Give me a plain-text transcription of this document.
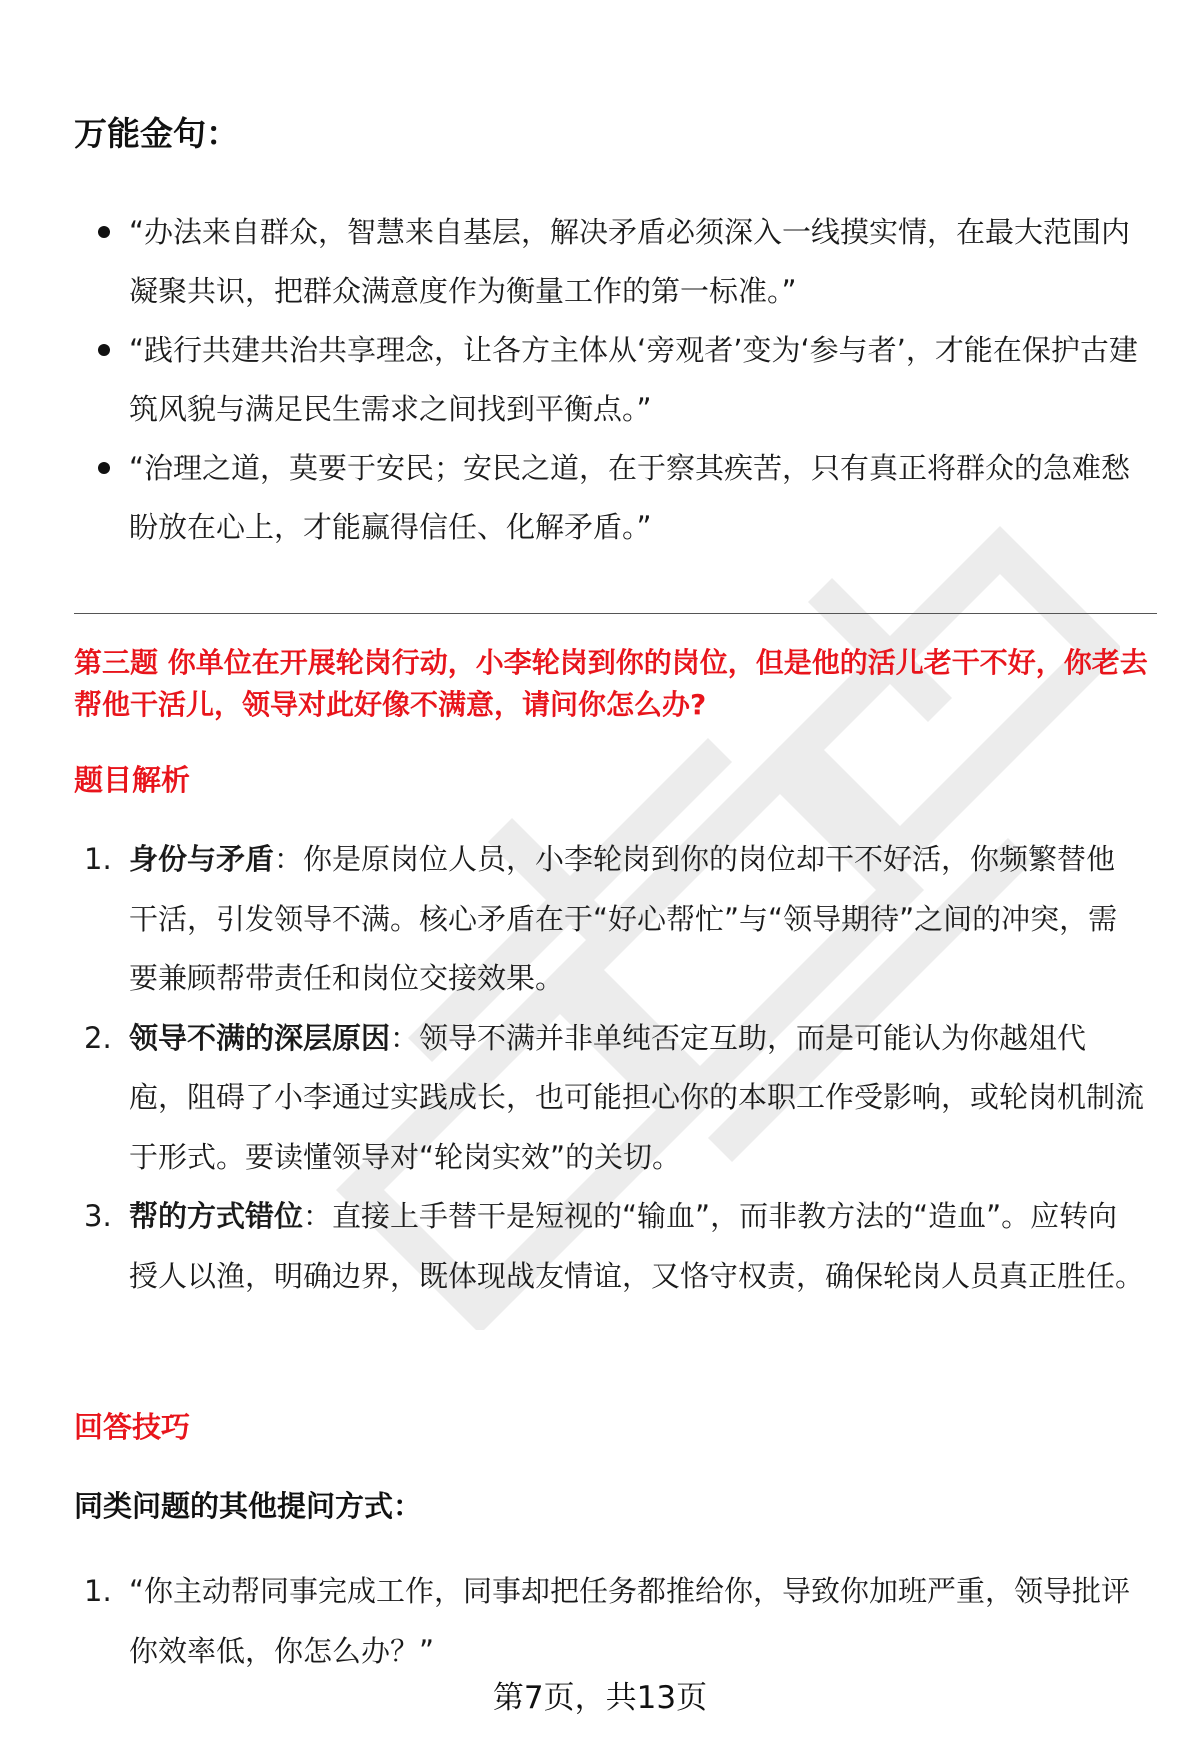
万能金句：
“办法来自群众，智慧来自基层，解决矛盾必须深入一线摸实情，在最大范围内凝聚共识，把群众满意度作为衡量工作的第一标准。”
“践行共建共治共享理念，让各方主体从‘旁观者’变为‘参与者’，才能在保护古建筑风貌与满足民生需求之间找到平衡点。”
“治理之道，莫要于安民；安民之道，在于察其疾苦，只有真正将群众的急难愁盼放在心上，才能赢得信任、化解矛盾。”
第三题 你单位在开展轮岗行动，小李轮岗到你的岗位，但是他的活儿老干不好，你老去帮他干活儿，领导对此好像不满意，请问你怎么办?
题目解析
1. 身份与矛盾：你是原岗位人员，小李轮岗到你的岗位却干不好活，你频繁替他干活，引发领导不满。核心矛盾在于“好心帮忙”与“领导期待”之间的冲突，需要兼顾帮带责任和岗位交接效果。
2. 领导不满的深层原因：领导不满并非单纯否定互助，而是可能认为你越俎代庖，阻碍了小李通过实践成长，也可能担心你的本职工作受影响，或轮岗机制流于形式。要读懂领导对“轮岗实效”的关切。
3. 帮的方式错位：直接上手替干是短视的“输血”，而非教方法的“造血”。应转向授人以渔，明确边界，既体现战友情谊，又恪守权责，确保轮岗人员真正胜任。
回答技巧
同类问题的其他提问方式：
1. “你主动帮同事完成工作，同事却把任务都推给你，导致你加班严重，领导批评你效率低，你怎么办？”
第7页，共13页
